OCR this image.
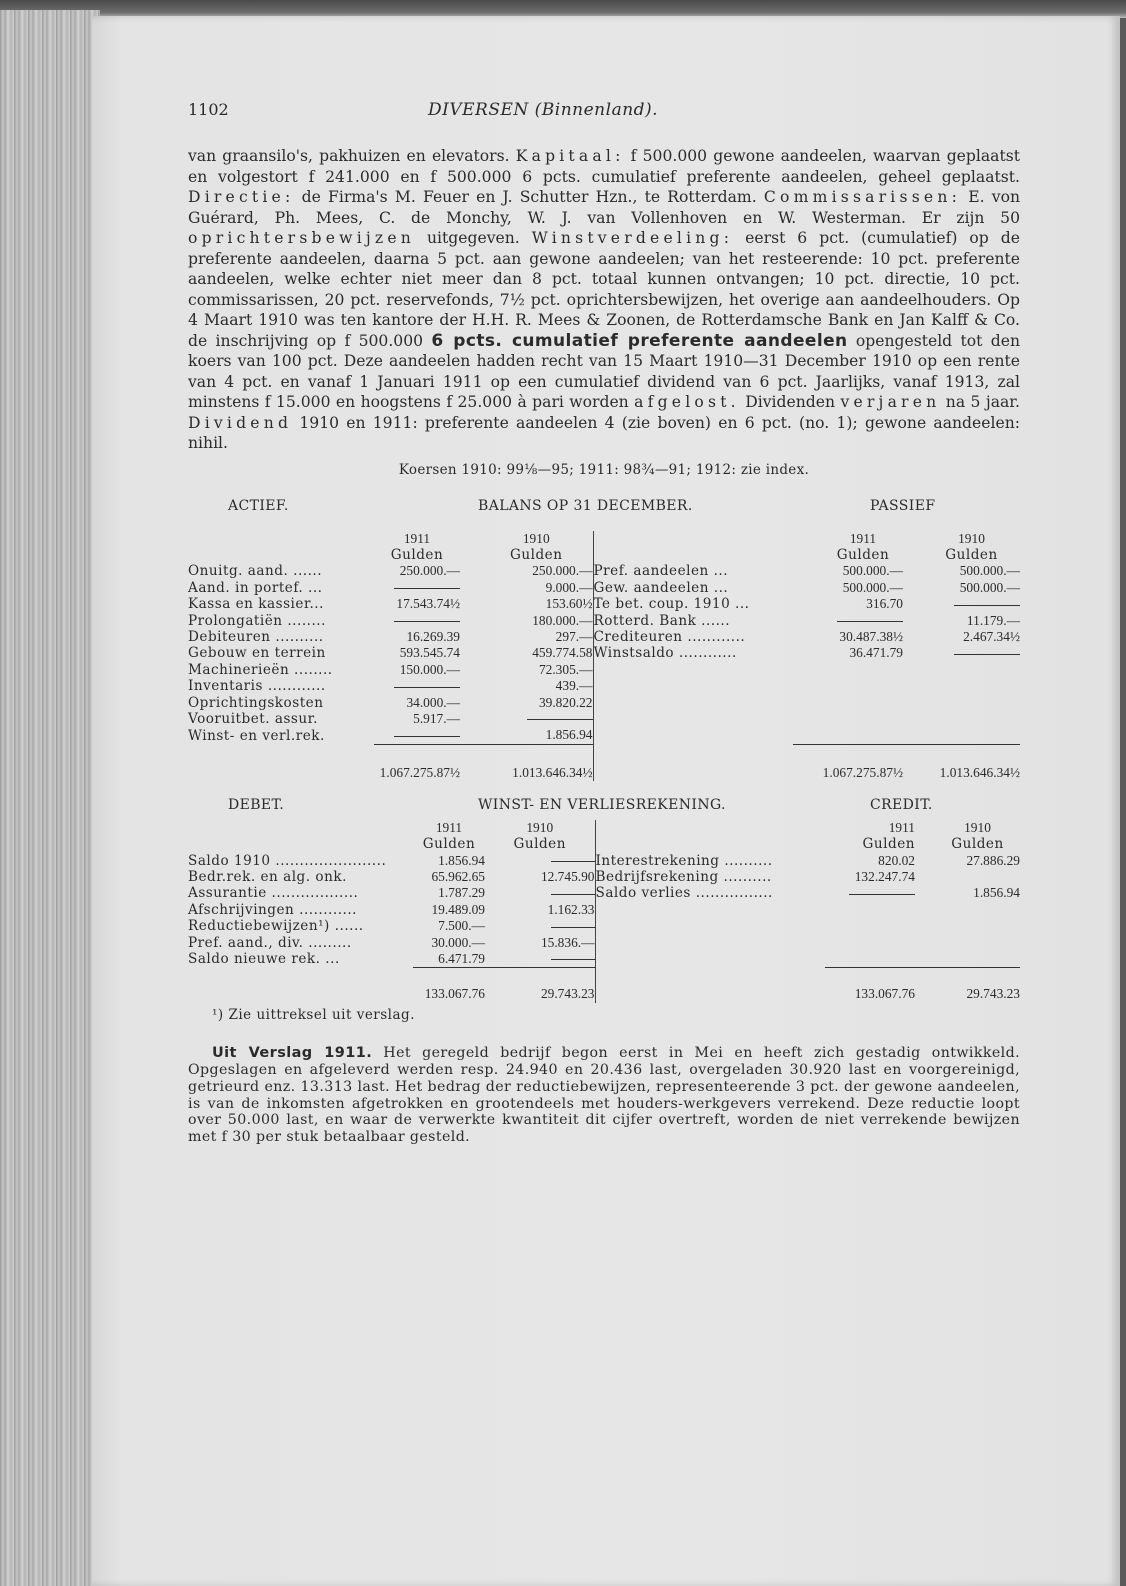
1102	DIVERSEN (Binnenland).

van graansilo's, pakhuizen en elevators. Kapitaal: f 500.000 gewone aandeelen, waarvan geplaatst en volgestort f 241.000 en f 500.000 6 pcts. cumulatief preferente aandeelen, geheel geplaatst. Directie: de Firma's M. Feuer en J. Schutter Hzn., te Rotterdam. Commissarissen: E. von Guérard, Ph. Mees, C. de Monchy, W. J. van Vollenhoven en W. Westerman. Er zijn 50 oprichtersbewijzen uitgegeven. Winstverdeeling: eerst 6 pct. (cumulatief) op de preferente aandeelen, daarna 5 pct. aan gewone aandeelen; van het resteerende: 10 pct. preferente aandeelen, welke echter niet meer dan 8 pct. totaal kunnen ontvangen; 10 pct. directie, 10 pct. commissarissen, 20 pct. reservefonds, 7½ pct. oprichtersbewijzen, het overige aan aandeelhouders. Op 4 Maart 1910 was ten kantore der H.H. R. Mees & Zoonen, de Rotterdamsche Bank en Jan Kalff & Co. de inschrijving op f 500.000 6 pcts. cumulatief preferente aandeelen opengesteld tot den koers van 100 pct. Deze aandeelen hadden recht van 15 Maart 1910—31 December 1910 op een rente van 4 pct. en vanaf 1 Januari 1911 op een cumulatief dividend van 6 pct. Jaarlijks, vanaf 1913, zal minstens f 15.000 en hoogstens f 25.000 à pari worden afgelost. Dividenden verjaren na 5 jaar. Dividend 1910 en 1911: preferente aandeelen 4 (zie boven) en 6 pct. (no. 1); gewone aandeelen: nihil.

Koersen 1910: 99⅛—95; 1911: 98¾—91; 1912: zie index.
ACTIEF.	BALANS OP 31 DECEMBER.	PASSIEF
	1911	1910		1911	1910
	Gulden	Gulden		Gulden	Gulden
Onuitg. aand. ......	250.000.—	250.000.—	Pref. aandeelen ...	500.000.—	500.000.—
Aand. in portef. ...		9.000.—	Gew. aandeelen ...	500.000.—	500.000.—
Kassa en kassier...	17.543.74½	153.60½	Te bet. coup. 1910 ...	316.70	
Prolongatiën ........		180.000.—	Rotterd. Bank ......		11.179.—
Debiteuren ..........	16.269.39	297.—	Crediteuren ............	30.487.38½	2.467.34½
Gebouw en terrein	593.545.74	459.774.58	Winstsaldo ............	36.471.79	
Machinerieën ........	150.000.—	72.305.—			
Inventaris ............		439.—			
Oprichtingskosten	34.000.—	39.820.22			
Vooruitbet. assur.	5.917.—				
Winst- en verl.rek.		1.856.94			
	1.067.275.87½	1.013.646.34½		1.067.275.87½	1.013.646.34½
DEBET.	WINST- EN VERLIESREKENING.	CREDIT.
	1911	1910		1911	1910
	Gulden	Gulden		Gulden	Gulden
Saldo 1910 .......................	1.856.94		Interestrekening ..........	820.02	27.886.29
Bedr.rek. en alg. onk.	65.962.65	12.745.90	Bedrijfsrekening ..........	132.247.74	
Assurantie ..................	1.787.29		Saldo verlies ................		1.856.94
Afschrijvingen ............	19.489.09	1.162.33			
Reductiebewijzen¹) ......	7.500.—				
Pref. aand., div. .........	30.000.—	15.836.—			
Saldo nieuwe rek. ...	6.471.79				
	133.067.76	29.743.23		133.067.76	29.743.23
¹) Zie uittreksel uit verslag.

Uit Verslag 1911. Het geregeld bedrijf begon eerst in Mei en heeft zich gestadig ontwikkeld. Opgeslagen en afgeleverd werden resp. 24.940 en 20.436 last, overgeladen 30.920 last en voorgereinigd, getrieurd enz. 13.313 last. Het bedrag der reductiebewijzen, representeerende 3 pct. der gewone aandeelen, is van de inkomsten afgetrokken en grootendeels met houders-werkgevers verrekend. Deze reductie loopt over 50.000 last, en waar de verwerkte kwantiteit dit cijfer overtreft, worden de niet verrekende bewijzen met f 30 per stuk betaalbaar gesteld.
